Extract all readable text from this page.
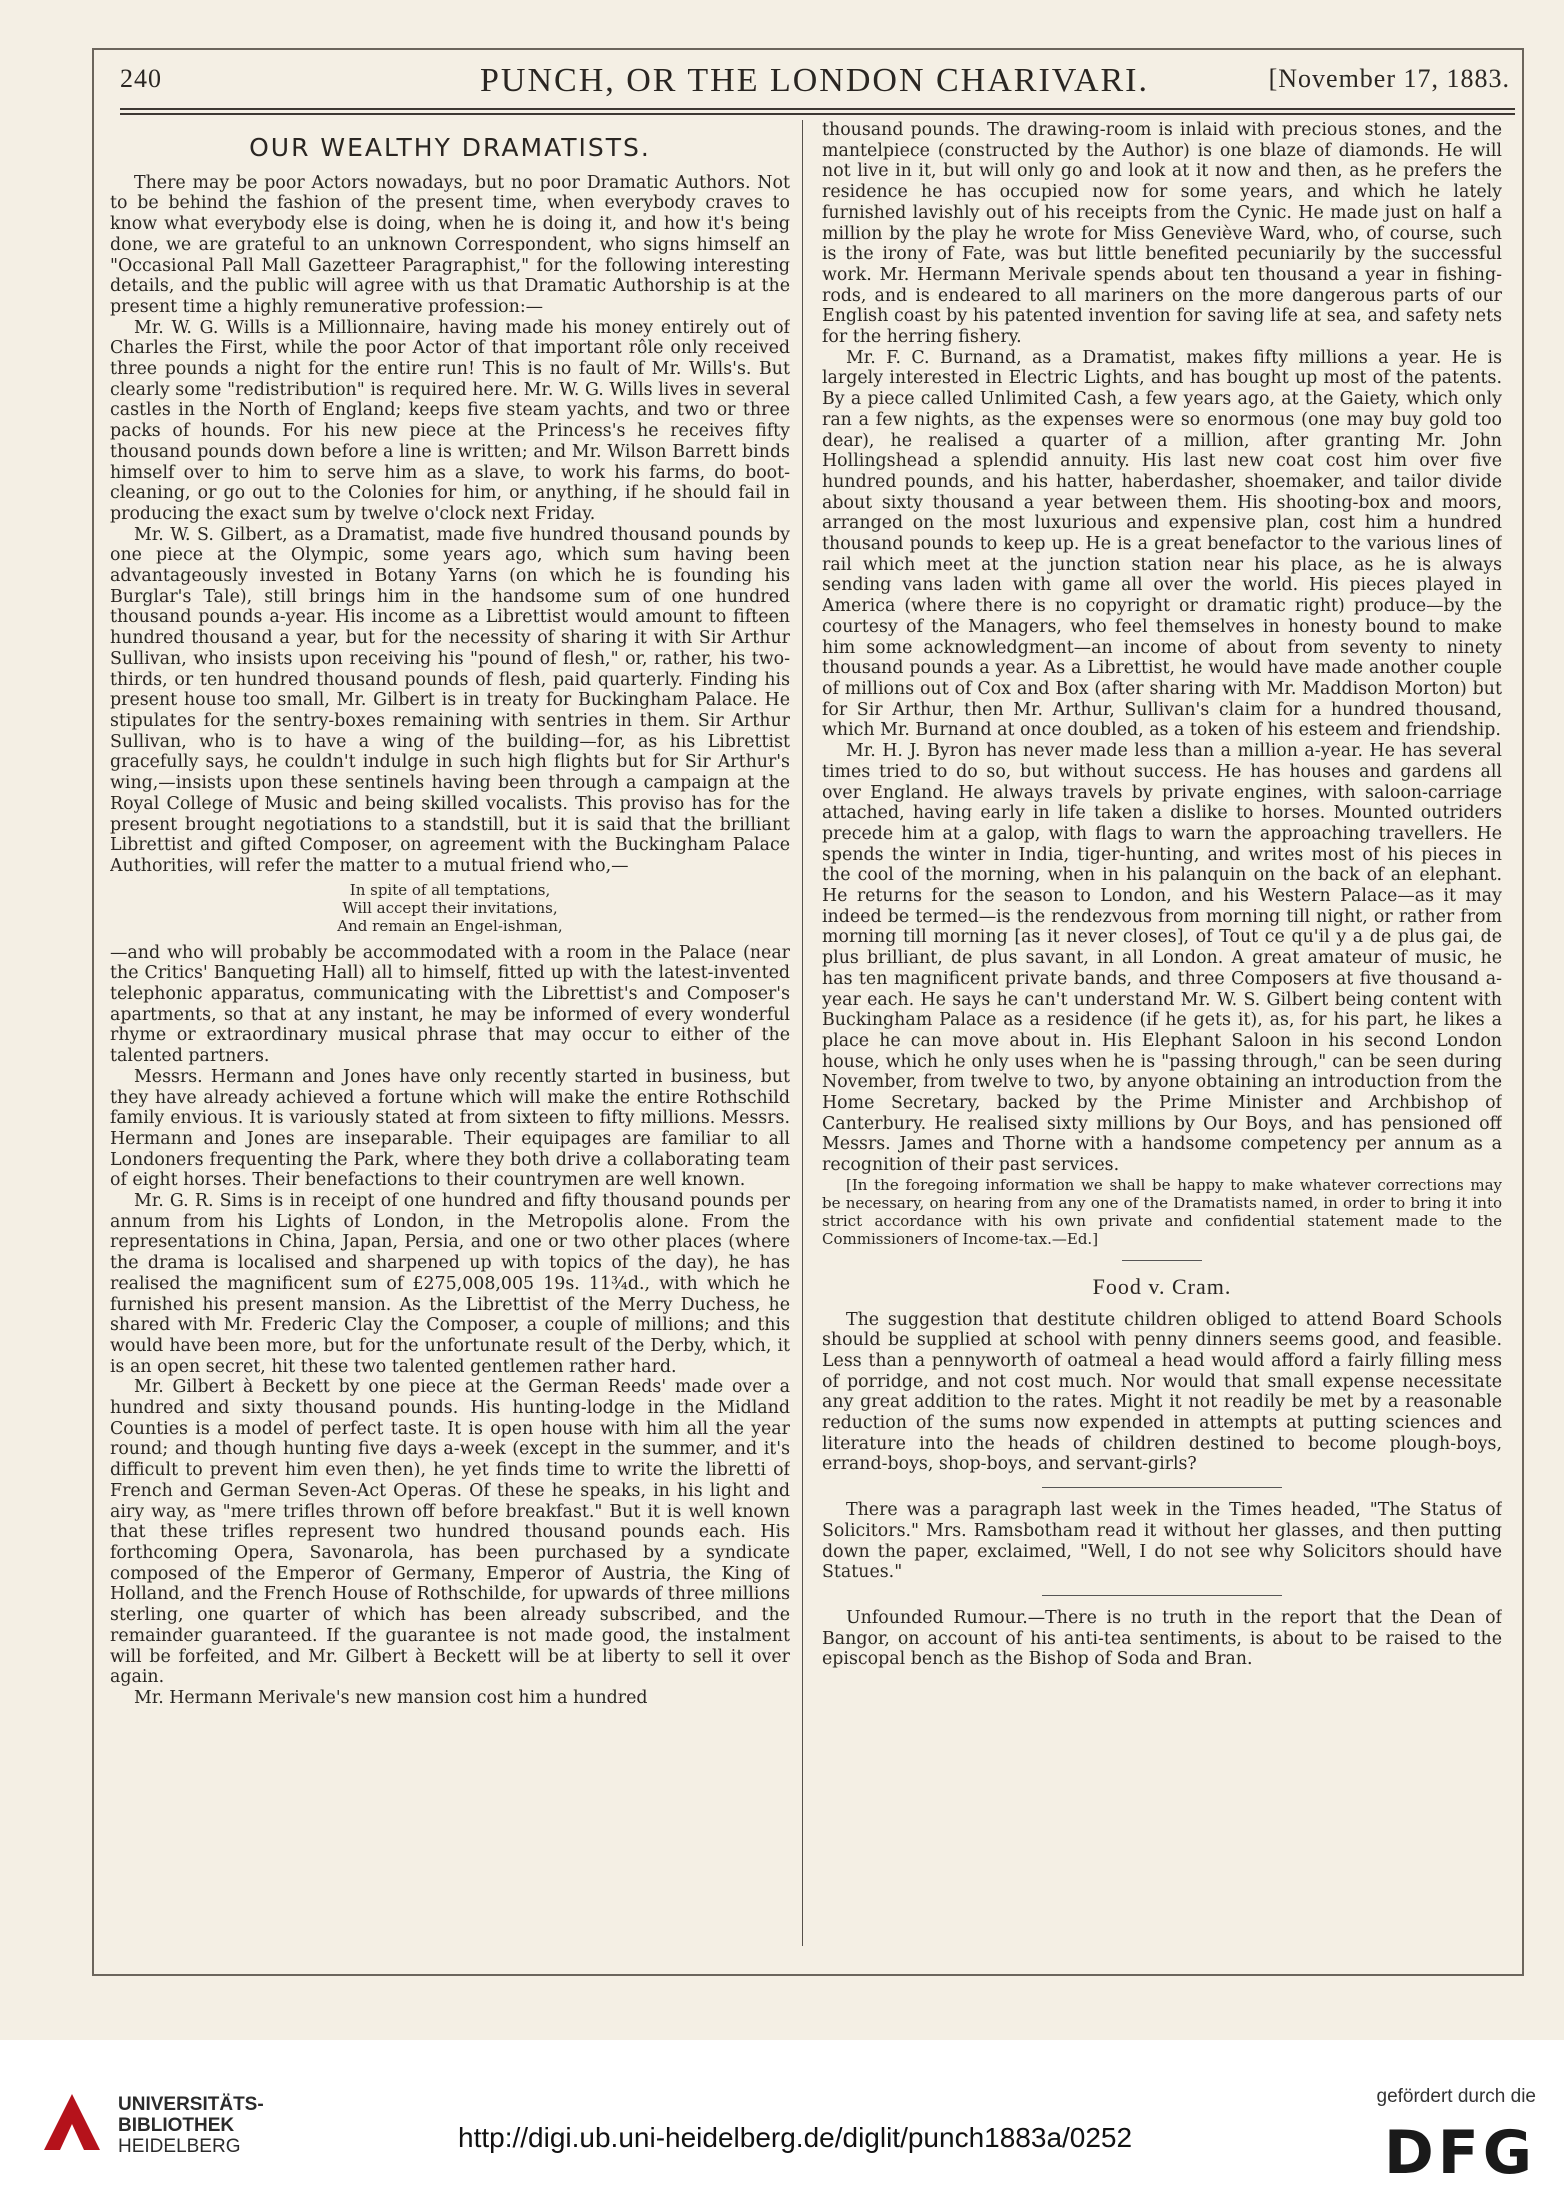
240	PUNCH, OR THE LONDON CHARIVARI.	[November 17, 1883.
OUR WEALTHY DRAMATISTS.

There may be poor Actors nowadays, but no poor Dramatic Authors. Not to be behind the fashion of the present time, when everybody craves to know what everybody else is doing, when he is doing it, and how it's being done, we are grateful to an unknown Correspondent, who signs himself an "Occasional Pall Mall Gazetteer Paragraphist," for the following interesting details, and the public will agree with us that Dramatic Authorship is at the present time a highly remunerative profession:—

Mr. W. G. Wills is a Millionnaire, having made his money entirely out of Charles the First, while the poor Actor of that important rôle only received three pounds a night for the entire run! This is no fault of Mr. Wills's. But clearly some "redistribution" is required here. Mr. W. G. Wills lives in several castles in the North of England; keeps five steam yachts, and two or three packs of hounds. For his new piece at the Princess's he receives fifty thousand pounds down before a line is written; and Mr. Wilson Barrett binds himself over to him to serve him as a slave, to work his farms, do boot-cleaning, or go out to the Colonies for him, or anything, if he should fail in producing the exact sum by twelve o'clock next Friday.

Mr. W. S. Gilbert, as a Dramatist, made five hundred thousand pounds by one piece at the Olympic, some years ago, which sum having been advantageously invested in Botany Yarns (on which he is founding his Burglar's Tale), still brings him in the handsome sum of one hundred thousand pounds a-year. His income as a Librettist would amount to fifteen hundred thousand a year, but for the necessity of sharing it with Sir Arthur Sullivan, who insists upon receiving his "pound of flesh," or, rather, his two-thirds, or ten hundred thousand pounds of flesh, paid quarterly. Finding his present house too small, Mr. Gilbert is in treaty for Buckingham Palace. He stipulates for the sentry-boxes remaining with sentries in them. Sir Arthur Sullivan, who is to have a wing of the building—for, as his Librettist gracefully says, he couldn't indulge in such high flights but for Sir Arthur's wing,—insists upon these sentinels having been through a campaign at the Royal College of Music and being skilled vocalists. This proviso has for the present brought negotiations to a standstill, but it is said that the brilliant Librettist and gifted Composer, on agreement with the Buckingham Palace Authorities, will refer the matter to a mutual friend who,—

In spite of all temptations,
Will accept their invitations,
And remain an Engel-ishman,

—and who will probably be accommodated with a room in the Palace (near the Critics' Banqueting Hall) all to himself, fitted up with the latest-invented telephonic apparatus, communicating with the Librettist's and Composer's apartments, so that at any instant, he may be informed of every wonderful rhyme or extraordinary musical phrase that may occur to either of the talented partners.

Messrs. Hermann and Jones have only recently started in business, but they have already achieved a fortune which will make the entire Rothschild family envious. It is variously stated at from sixteen to fifty millions. Messrs. Hermann and Jones are inseparable. Their equipages are familiar to all Londoners frequenting the Park, where they both drive a collaborating team of eight horses. Their benefactions to their countrymen are well known.

Mr. G. R. Sims is in receipt of one hundred and fifty thousand pounds per annum from his Lights of London, in the Metropolis alone. From the representations in China, Japan, Persia, and one or two other places (where the drama is localised and sharpened up with topics of the day), he has realised the magnificent sum of £275,008,005 19s. 11¾d., with which he furnished his present mansion. As the Librettist of the Merry Duchess, he shared with Mr. Frederic Clay the Composer, a couple of millions; and this would have been more, but for the unfortunate result of the Derby, which, it is an open secret, hit these two talented gentlemen rather hard.

Mr. Gilbert à Beckett by one piece at the German Reeds' made over a hundred and sixty thousand pounds. His hunting-lodge in the Midland Counties is a model of perfect taste. It is open house with him all the year round; and though hunting five days a-week (except in the summer, and it's difficult to prevent him even then), he yet finds time to write the libretti of French and German Seven-Act Operas. Of these he speaks, in his light and airy way, as "mere trifles thrown off before breakfast." But it is well known that these trifles represent two hundred thousand pounds each. His forthcoming Opera, Savonarola, has been purchased by a syndicate composed of the Emperor of Germany, Emperor of Austria, the King of Holland, and the French House of Rothschilde, for upwards of three millions sterling, one quarter of which has been already subscribed, and the remainder guaranteed. If the guarantee is not made good, the instalment will be forfeited, and Mr. Gilbert à Beckett will be at liberty to sell it over again.

Mr. Hermann Merivale's new mansion cost him a hundred

thousand pounds. The drawing-room is inlaid with precious stones, and the mantelpiece (constructed by the Author) is one blaze of diamonds. He will not live in it, but will only go and look at it now and then, as he prefers the residence he has occupied now for some years, and which he lately furnished lavishly out of his receipts from the Cynic. He made just on half a million by the play he wrote for Miss Geneviève Ward, who, of course, such is the irony of Fate, was but little benefited pecuniarily by the successful work. Mr. Hermann Merivale spends about ten thousand a year in fishing-rods, and is endeared to all mariners on the more dangerous parts of our English coast by his patented invention for saving life at sea, and safety nets for the herring fishery.

Mr. F. C. Burnand, as a Dramatist, makes fifty millions a year. He is largely interested in Electric Lights, and has bought up most of the patents. By a piece called Unlimited Cash, a few years ago, at the Gaiety, which only ran a few nights, as the expenses were so enormous (one may buy gold too dear), he realised a quarter of a million, after granting Mr. John Hollingshead a splendid annuity. His last new coat cost him over five hundred pounds, and his hatter, haberdasher, shoemaker, and tailor divide about sixty thousand a year between them. His shooting-box and moors, arranged on the most luxurious and expensive plan, cost him a hundred thousand pounds to keep up. He is a great benefactor to the various lines of rail which meet at the junction station near his place, as he is always sending vans laden with game all over the world. His pieces played in America (where there is no copyright or dramatic right) produce—by the courtesy of the Managers, who feel themselves in honesty bound to make him some acknowledgment—an income of about from seventy to ninety thousand pounds a year. As a Librettist, he would have made another couple of millions out of Cox and Box (after sharing with Mr. Maddison Morton) but for Sir Arthur, then Mr. Arthur, Sullivan's claim for a hundred thousand, which Mr. Burnand at once doubled, as a token of his esteem and friendship.

Mr. H. J. Byron has never made less than a million a-year. He has several times tried to do so, but without success. He has houses and gardens all over England. He always travels by private engines, with saloon-carriage attached, having early in life taken a dislike to horses. Mounted outriders precede him at a galop, with flags to warn the approaching travellers. He spends the winter in India, tiger-hunting, and writes most of his pieces in the cool of the morning, when in his palanquin on the back of an elephant. He returns for the season to London, and his Western Palace—as it may indeed be termed—is the rendezvous from morning till night, or rather from morning till morning [as it never closes], of Tout ce qu'il y a de plus gai, de plus brilliant, de plus savant, in all London. A great amateur of music, he has ten magnificent private bands, and three Composers at five thousand a-year each. He says he can't understand Mr. W. S. Gilbert being content with Buckingham Palace as a residence (if he gets it), as, for his part, he likes a place he can move about in. His Elephant Saloon in his second London house, which he only uses when he is "passing through," can be seen during November, from twelve to two, by anyone obtaining an introduction from the Home Secretary, backed by the Prime Minister and Archbishop of Canterbury. He realised sixty millions by Our Boys, and has pensioned off Messrs. James and Thorne with a handsome competency per annum as a recognition of their past services.

[In the foregoing information we shall be happy to make whatever corrections may be necessary, on hearing from any one of the Dramatists named, in order to bring it into strict accordance with his own private and confidential statement made to the Commissioners of Income-tax.—Ed.]

Food v. Cram.

The suggestion that destitute children obliged to attend Board Schools should be supplied at school with penny dinners seems good, and feasible. Less than a pennyworth of oatmeal a head would afford a fairly filling mess of porridge, and not cost much. Nor would that small expense necessitate any great addition to the rates. Might it not readily be met by a reasonable reduction of the sums now expended in attempts at putting sciences and literature into the heads of children destined to become plough-boys, errand-boys, shop-boys, and servant-girls?

There was a paragraph last week in the Times headed, "The Status of Solicitors." Mrs. Ramsbotham read it without her glasses, and then putting down the paper, exclaimed, "Well, I do not see why Solicitors should have Statues."

Unfounded Rumour.—There is no truth in the report that the Dean of Bangor, on account of his anti-tea sentiments, is about to be raised to the episcopal bench as the Bishop of Soda and Bran.

UNIVERSITÄTS-
BIBLIOTHEK
HEIDELBERG	http://digi.ub.uni-heidelberg.de/diglit/punch1883a/0252
gefördert durch die
DFG
